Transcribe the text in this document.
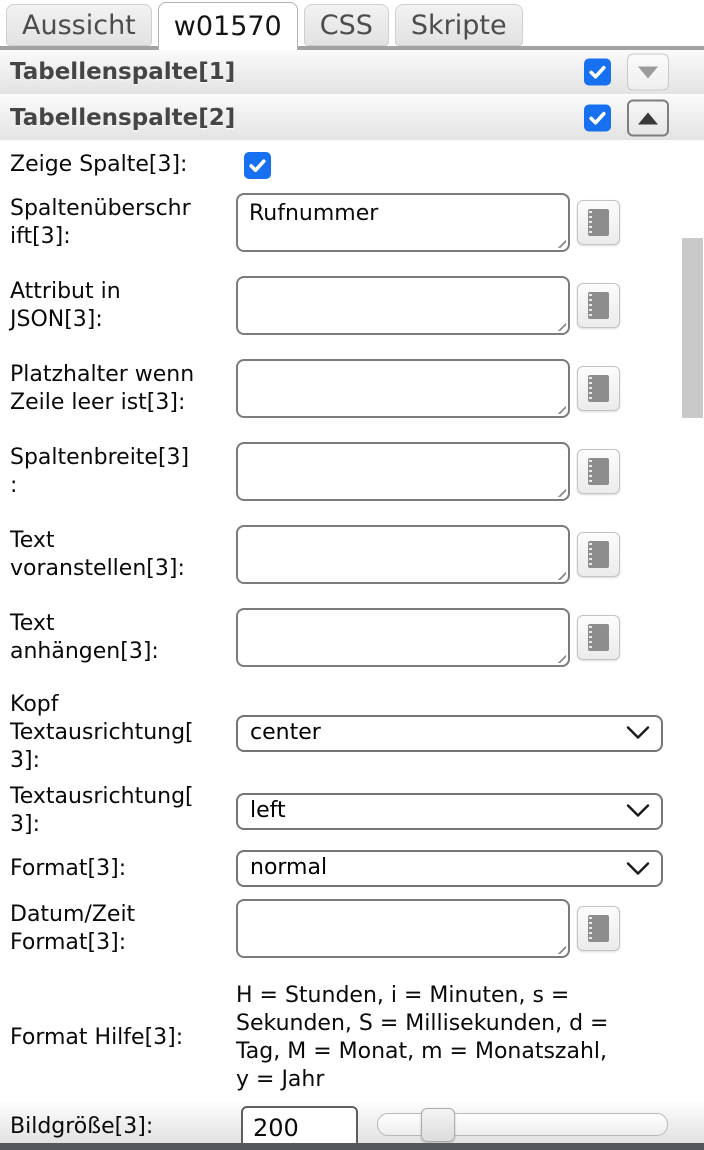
Aussicht	w01570	CSS	Skripte
Tabellenspalte[1]
Tabellenspalte[2]
Zeige Spalte[3]:
Spaltenüberschrift[3]:
Rufnummer
Attribut in JSON[3]:
Platzhalter wenn Zeile leer ist[3]:
Spaltenbreite[3]:
Text voranstellen[3]:
Text anhängen[3]:
Kopf Textausrichtung[3]:
center
Textausrichtung[3]:
left
Format[3]:
normal
Datum/Zeit Format[3]:
Format Hilfe[3]:
H = Stunden, i = Minuten, s = Sekunden, S = Millisekunden, d = Tag, M = Monat, m = Monatszahl, y = Jahr
Bildgröße[3]:
200
